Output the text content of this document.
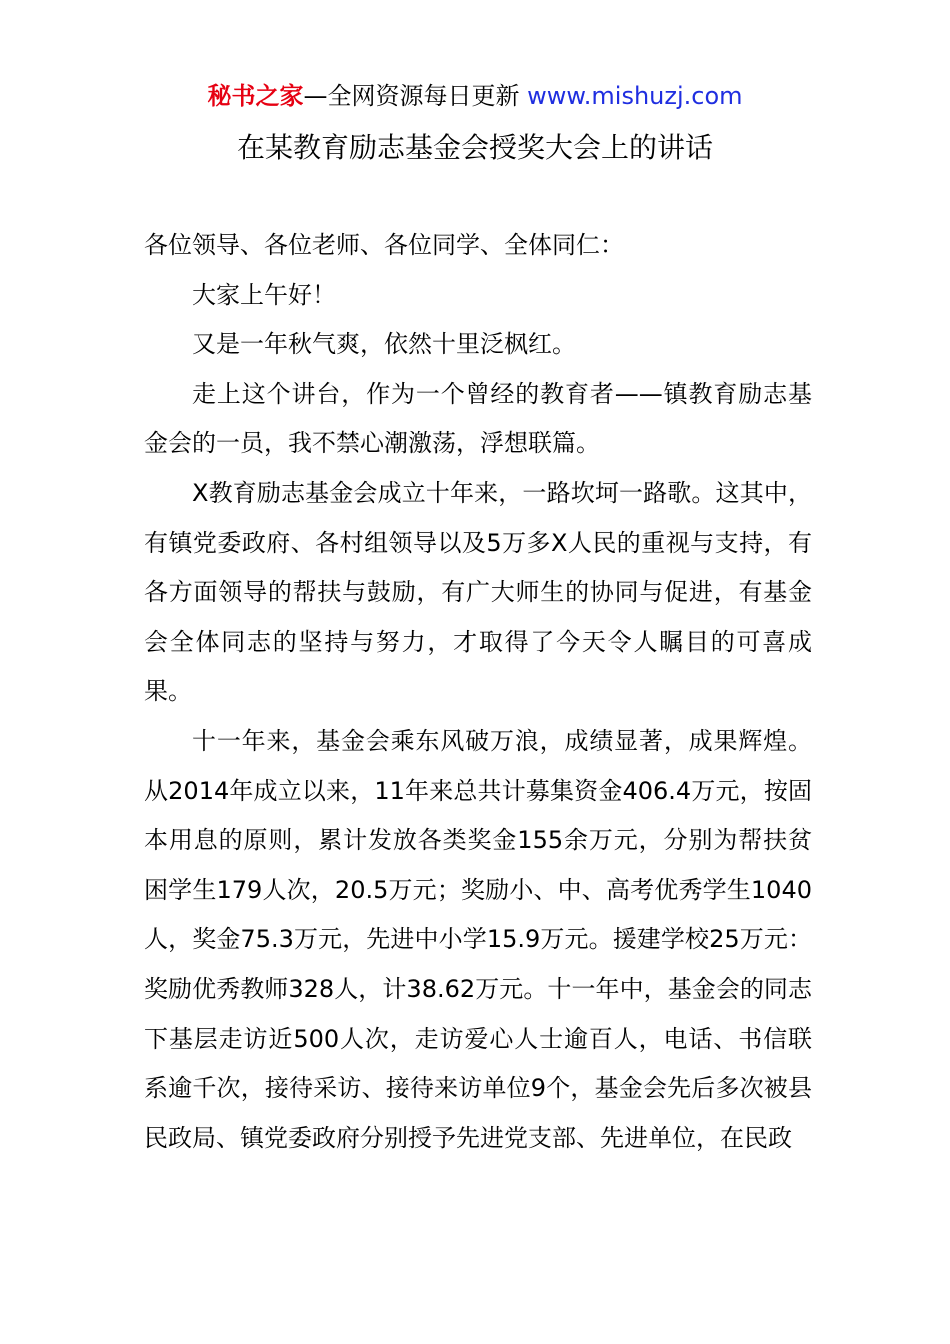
秘书之家—全网资源每日更新 www.mishuzj.com
在某教育励志基金会授奖大会上的讲话

各位领导、各位老师、各位同学、全体同仁：

大家上午好！

又是一年秋气爽，依然十里泛枫红。

走上这个讲台，作为一个曾经的教育者——镇教育励志基金会的一员，我不禁心潮激荡，浮想联篇。

X教育励志基金会成立十年来，一路坎坷一路歌。这其中，有镇党委政府、各村组领导以及5万多X人民的重视与支持，有各方面领导的帮扶与鼓励，有广大师生的协同与促进，有基金会全体同志的坚持与努力，才取得了今天令人瞩目的可喜成果。

十一年来，基金会乘东风破万浪，成绩显著，成果辉煌。从2014年成立以来，11年来总共计募集资金406.4万元，按固本用息的原则，累计发放各类奖金155余万元，分别为帮扶贫困学生179人次，20.5万元；奖励小、中、高考优秀学生1040人，奖金75.3万元，先进中小学15.9万元。援建学校25万元：奖励优秀教师328人，计38.62万元。十一年中，基金会的同志下基层走访近500人次，走访爱心人士逾百人，电话、书信联系逾千次，接待采访、接待来访单位9个，基金会先后多次被县民政局、镇党委政府分别授予先进党支部、先进单位，在民政
